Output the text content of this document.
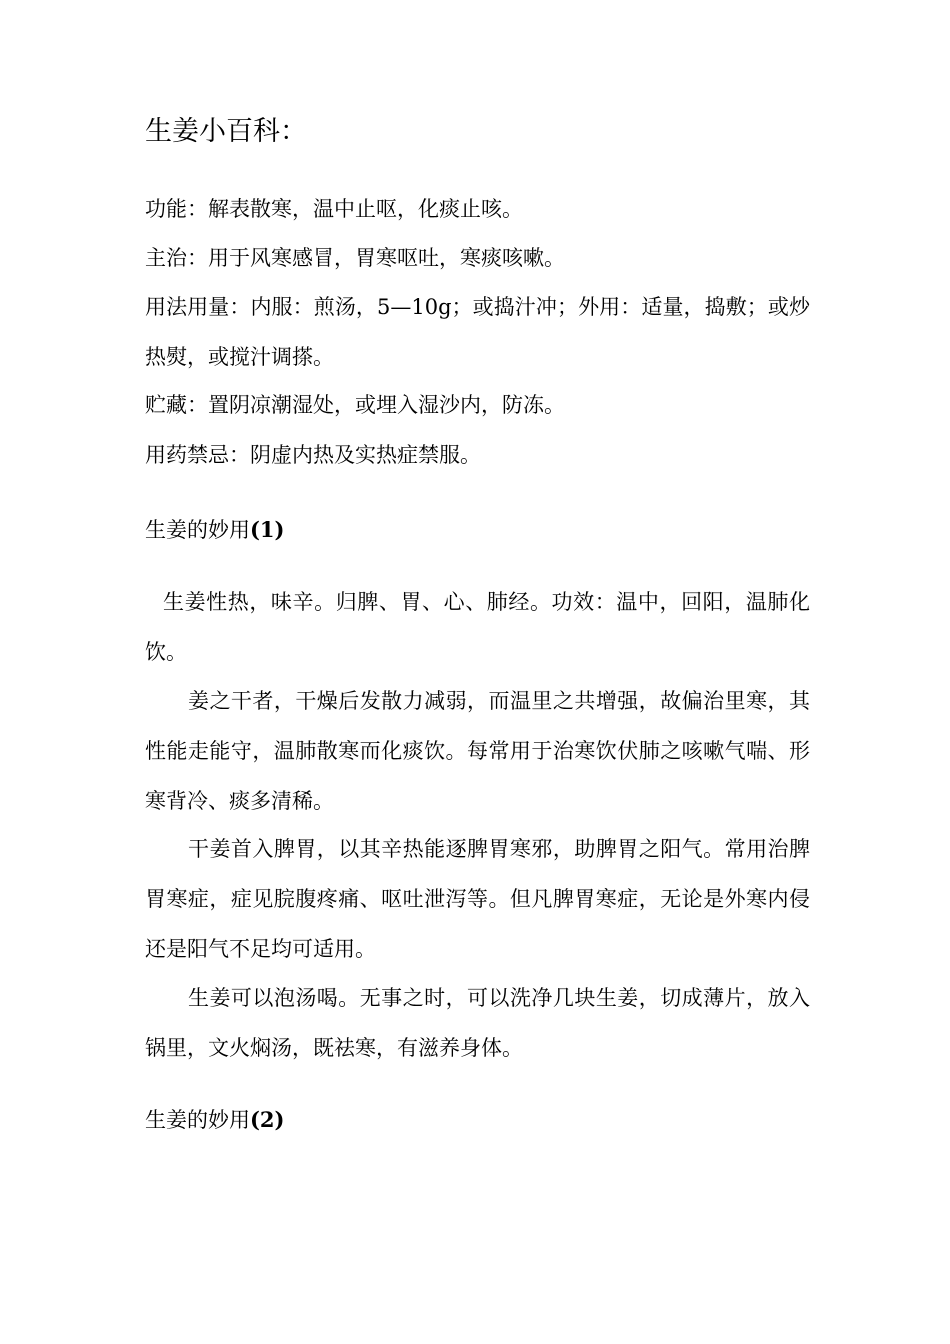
生姜小百科：

功能：解表散寒，温中止呕，化痰止咳。

主治：用于风寒感冒，胃寒呕吐，寒痰咳嗽。

用法用量：内服：煎汤，5—10g；或捣汁冲；外用：适量，捣敷；或炒热熨，或搅汁调搽。

贮藏：置阴凉潮湿处，或埋入湿沙内，防冻。

用药禁忌：阴虚内热及实热症禁服。

生姜的妙用(1)

生姜性热，味辛。归脾、胃、心、肺经。功效：温中，回阳，温肺化饮。

姜之干者，干燥后发散力减弱，而温里之共增强，故偏治里寒，其性能走能守，温肺散寒而化痰饮。每常用于治寒饮伏肺之咳嗽气喘、形寒背冷、痰多清稀。

干姜首入脾胃，以其辛热能逐脾胃寒邪，助脾胃之阳气。常用治脾胃寒症，症见脘腹疼痛、呕吐泄泻等。但凡脾胃寒症，无论是外寒内侵还是阳气不足均可适用。

生姜可以泡汤喝。无事之时，可以洗净几块生姜，切成薄片，放入锅里，文火焖汤，既祛寒，有滋养身体。

生姜的妙用(2)
